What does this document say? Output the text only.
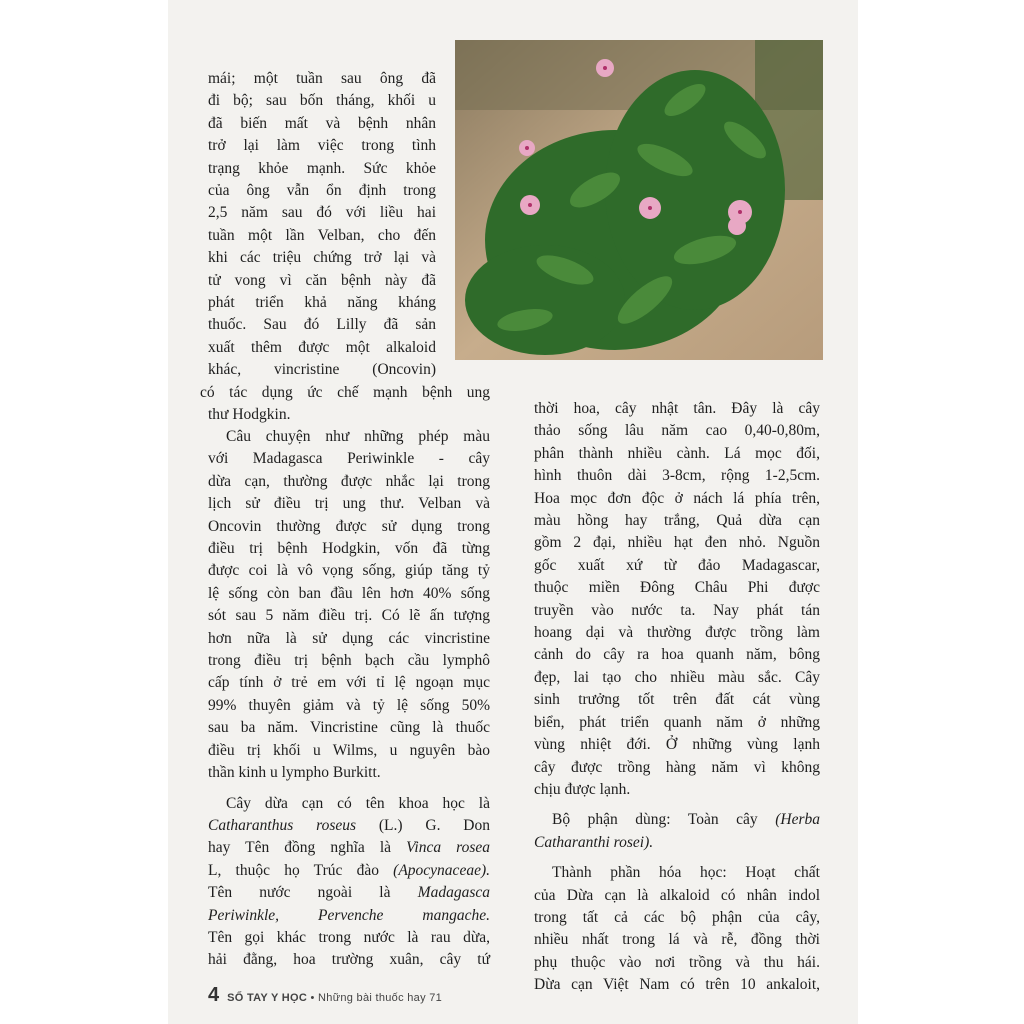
mái; một tuần sau ông đã

đi bộ; sau bốn tháng, khối u

đã biến mất và bệnh nhân

trở lại làm việc trong tình

trạng khỏe mạnh. Sức khỏe

của ông vẫn ổn định trong

2,5 năm sau đó với liều hai

tuần một lần Velban, cho đến

khi các triệu chứng trở lại và

tử vong vì căn bệnh này đã

phát triển khả năng kháng

thuốc. Sau đó Lilly đã sản

xuất thêm được một alkaloid

khác, vincristine (Oncovin)

có tác dụng ức chế mạnh bệnh ung

thư Hodgkin.

Câu chuyện như những phép màu

với Madagasca Periwinkle - cây

dừa cạn, thường được nhắc lại trong

lịch sử điều trị ung thư. Velban và

Oncovin thường được sử dụng trong

điều trị bệnh Hodgkin, vốn đã từng

được coi là vô vọng sống, giúp tăng tỷ

lệ sống còn ban đầu lên hơn 40% sống

sót sau 5 năm điều trị. Có lẽ ấn tượng

hơn nữa là sử dụng các vincristine

trong điều trị bệnh bạch cầu lymphô

cấp tính ở trẻ em với tỉ lệ ngoạn mục

99% thuyên giảm và tỷ lệ sống 50%

sau ba năm. Vincristine cũng là thuốc

điều trị khối u Wilms, u nguyên bào

thần kinh u lympho Burkitt.

Cây dừa cạn có tên khoa học là

Catharanthus roseus (L.) G. Don

hay Tên đồng nghĩa là Vinca rosea

L, thuộc họ Trúc đào (Apocynaceae).

Tên nước ngoài là Madagasca

Periwinkle, Pervenche mangache.

Tên gọi khác trong nước là rau dừa,

hải đằng, hoa trường xuân, cây tứ

thời hoa, cây nhật tân. Đây là cây

thảo sống lâu năm cao 0,40-0,80m,

phân thành nhiều cành. Lá mọc đối,

hình thuôn dài 3-8cm, rộng 1-2,5cm.

Hoa mọc đơn độc ở nách lá phía trên,

màu hồng hay trắng, Quả dừa cạn

gồm 2 đại, nhiều hạt đen nhỏ. Nguồn

gốc xuất xứ từ đảo Madagascar,

thuộc miền Đông Châu Phi được

truyền vào nước ta. Nay phát tán

hoang dại và thường được trồng làm

cảnh do cây ra hoa quanh năm, bông

đẹp, lai tạo cho nhiều màu sắc. Cây

sinh trưởng tốt trên đất cát vùng

biển, phát triển quanh năm ở những

vùng nhiệt đới. Ở những vùng lạnh

cây được trồng hàng năm vì không

chịu được lạnh.

Bộ phận dùng: Toàn cây (Herba

Catharanthi rosei).

Thành phần hóa học: Hoạt chất

của Dừa cạn là alkaloid có nhân indol

trong tất cả các bộ phận của cây,

nhiều nhất trong lá và rễ, đồng thời

phụ thuộc vào nơi trồng và thu hái.

Dừa cạn Việt Nam có trên 10 ankaloit,

4 SỔ TAY Y HỌC • Những bài thuốc hay 71
